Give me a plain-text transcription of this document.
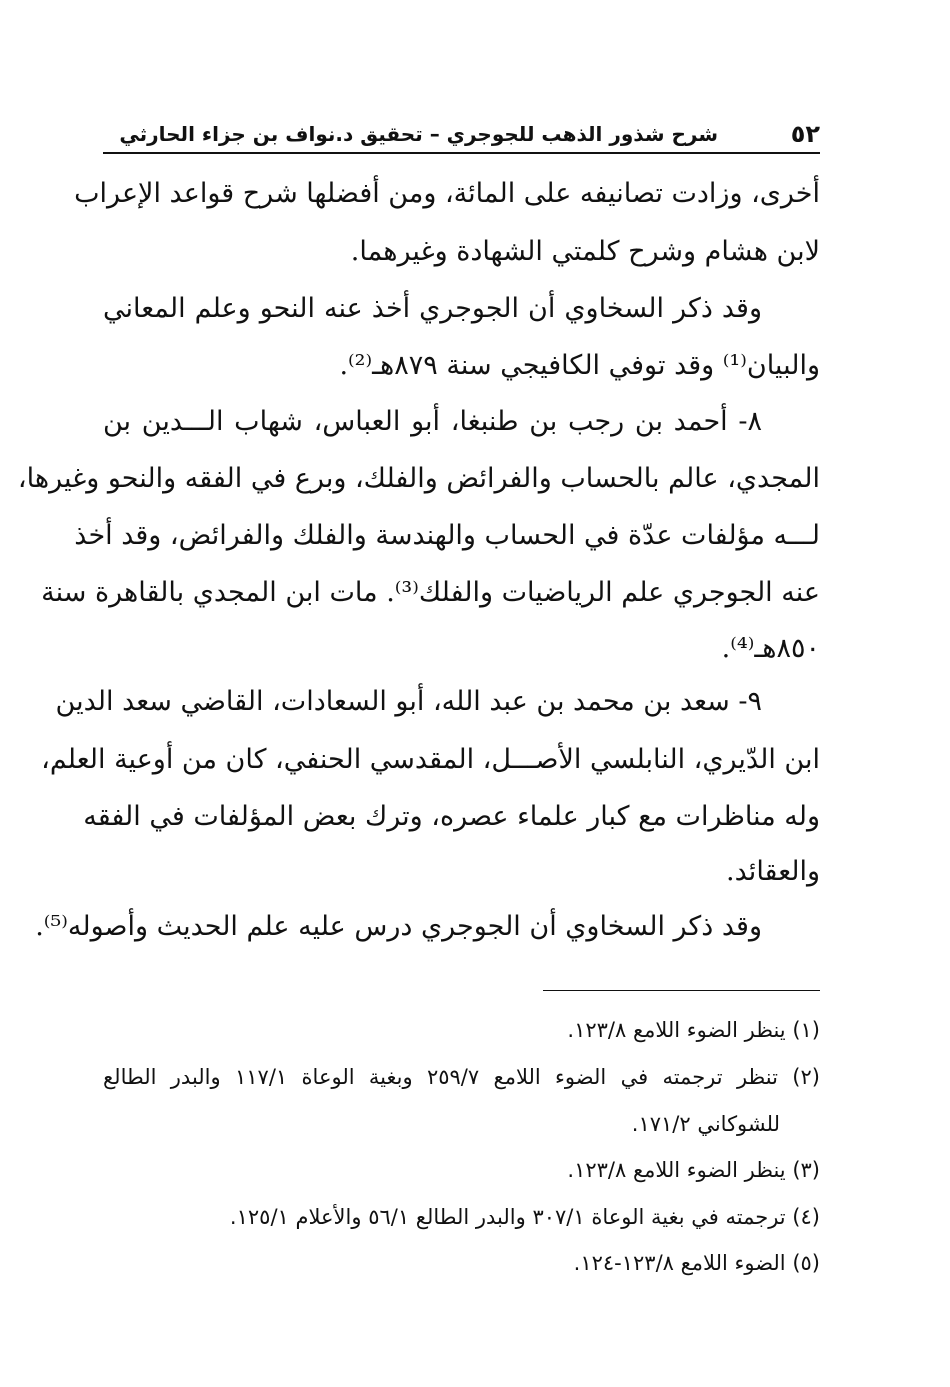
٥٢
شرح شذور الذهب للجوجري – تحقيق د.نواف بن جزاء الحارثي
أخرى، وزادت تصانيفه على المائة، ومن أفضلها شرح قواعد الإعراب
لابن هشام وشرح كلمتي الشهادة وغيرهما.
وقد ذكر السخاوي أن الجوجري أخذ عنه النحو وعلم المعاني
والبيان⁽¹⁾ وقد توفي الكافيجي سنة ٨٧٩هـ⁽²⁾.
٨- أحمد بن رجب بن طنبغا، أبو العباس، شهاب الـــدين بن
المجدي، عالم بالحساب والفرائض والفلك، وبرع في الفقه والنحو وغيرها،
لـــه مؤلفات عدّة في الحساب والهندسة والفلك والفرائض، وقد أخذ
عنه الجوجري علم الرياضيات والفلك⁽³⁾. مات ابن المجدي بالقاهرة سنة
٨٥٠هـ⁽⁴⁾.
٩- سعد بن محمد بن عبد الله، أبو السعادات، القاضي سعد الدين
ابن الدّيري، النابلسي الأصـــل، المقدسي الحنفي، كان من أوعية العلم،
وله مناظرات مع كبار علماء عصره، وترك بعض المؤلفات في الفقه
والعقائد.
وقد ذكر السخاوي أن الجوجري درس عليه علم الحديث وأصوله⁽⁵⁾.
(١) ينظر الضوء اللامع ١٢٣/٨.
(٢) تنظر ترجمته في الضوء اللامع ٢٥٩/٧ وبغية الوعاة ١١٧/١ والبدر الطالع
للشوكاني ١٧١/٢.
(٣) ينظر الضوء اللامع ١٢٣/٨.
(٤) ترجمته في بغية الوعاة ٣٠٧/١ والبدر الطالع ٥٦/١ والأعلام ١٢٥/١.
(٥) الضوء اللامع ١٢٣/٨-١٢٤.
